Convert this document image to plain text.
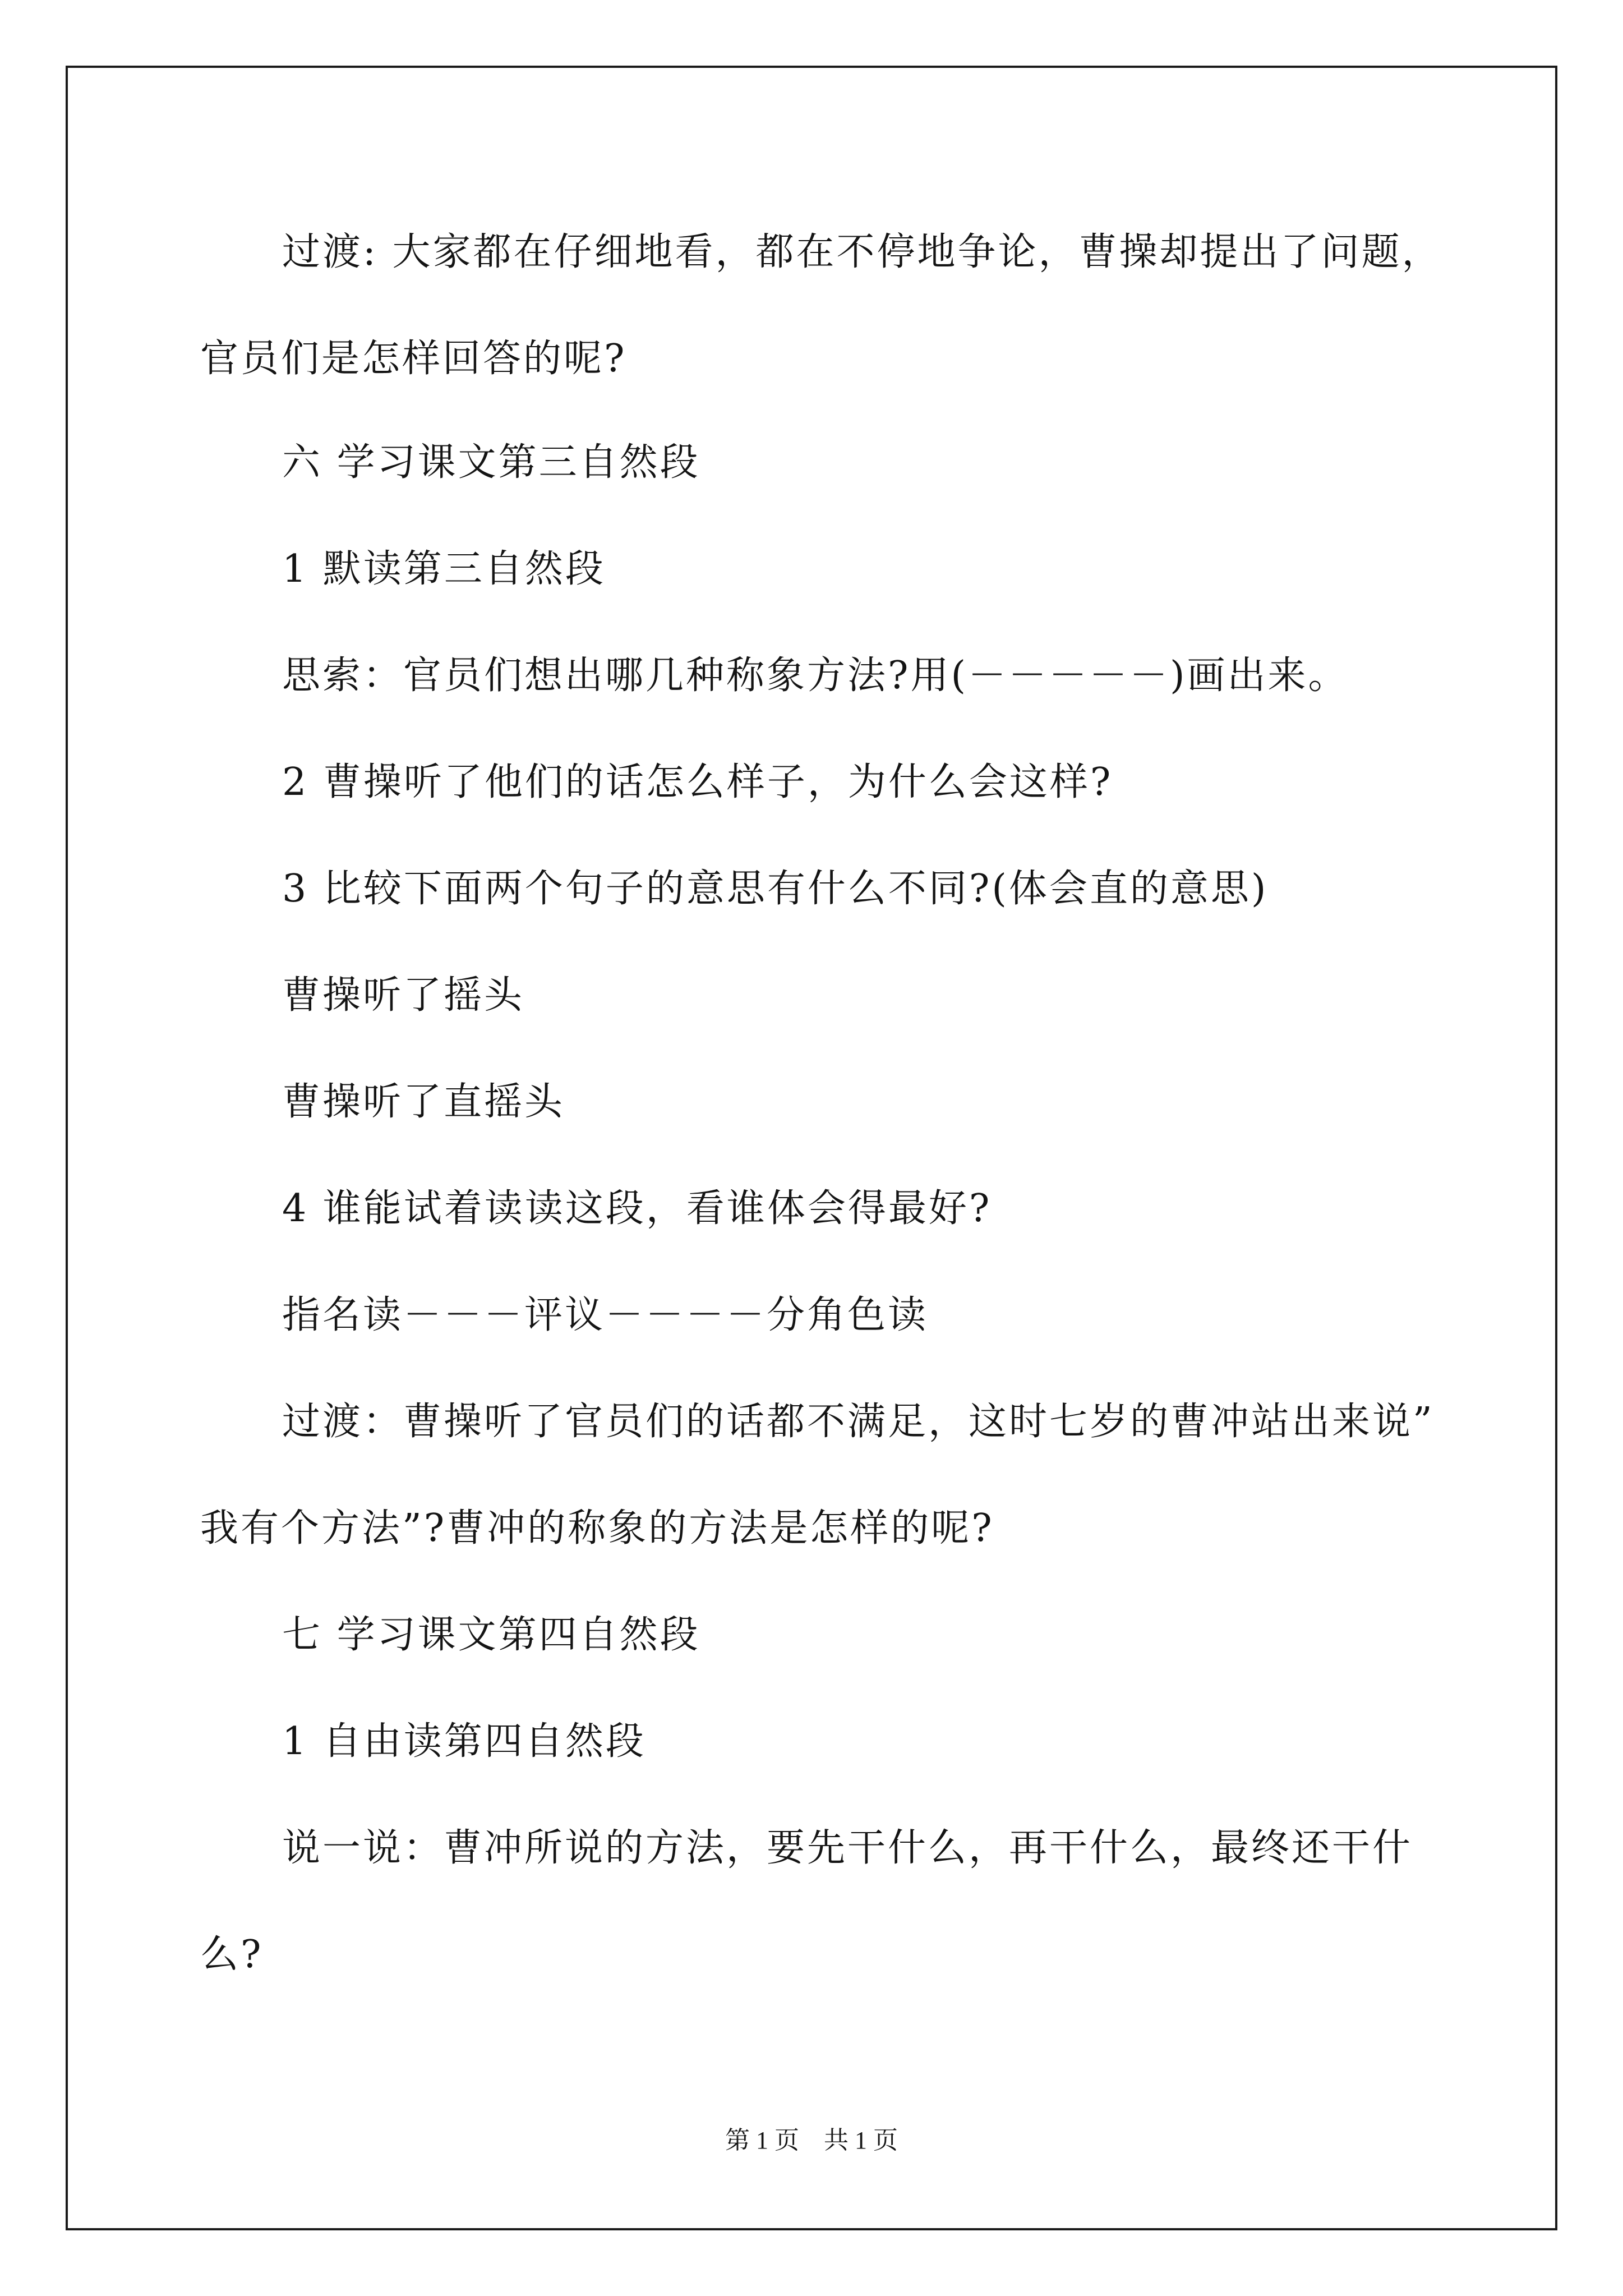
过渡: 大家都在仔细地看，都在不停地争论，曹操却提出了问题，
官员们是怎样回答的呢?
六 学习课文第三自然段
1 默读第三自然段
思索：官员们想出哪几种称象方法?用(－－－－－)画出来。
2 曹操听了他们的话怎么样子，为什么会这样?
3 比较下面两个句子的意思有什么不同?(体会直的意思)
曹操听了摇头
曹操听了直摇头
4 谁能试着读读这段，看谁体会得最好?
指名读－－－评议－－－－分角色读
过渡：曹操听了官员们的话都不满足，这时七岁的曹冲站出来说”
我有个方法”?曹冲的称象的方法是怎样的呢?
七 学习课文第四自然段
1 自由读第四自然段
说一说：曹冲所说的方法，要先干什么，再干什么，最终还干什
么?
第 1 页　共 1 页
